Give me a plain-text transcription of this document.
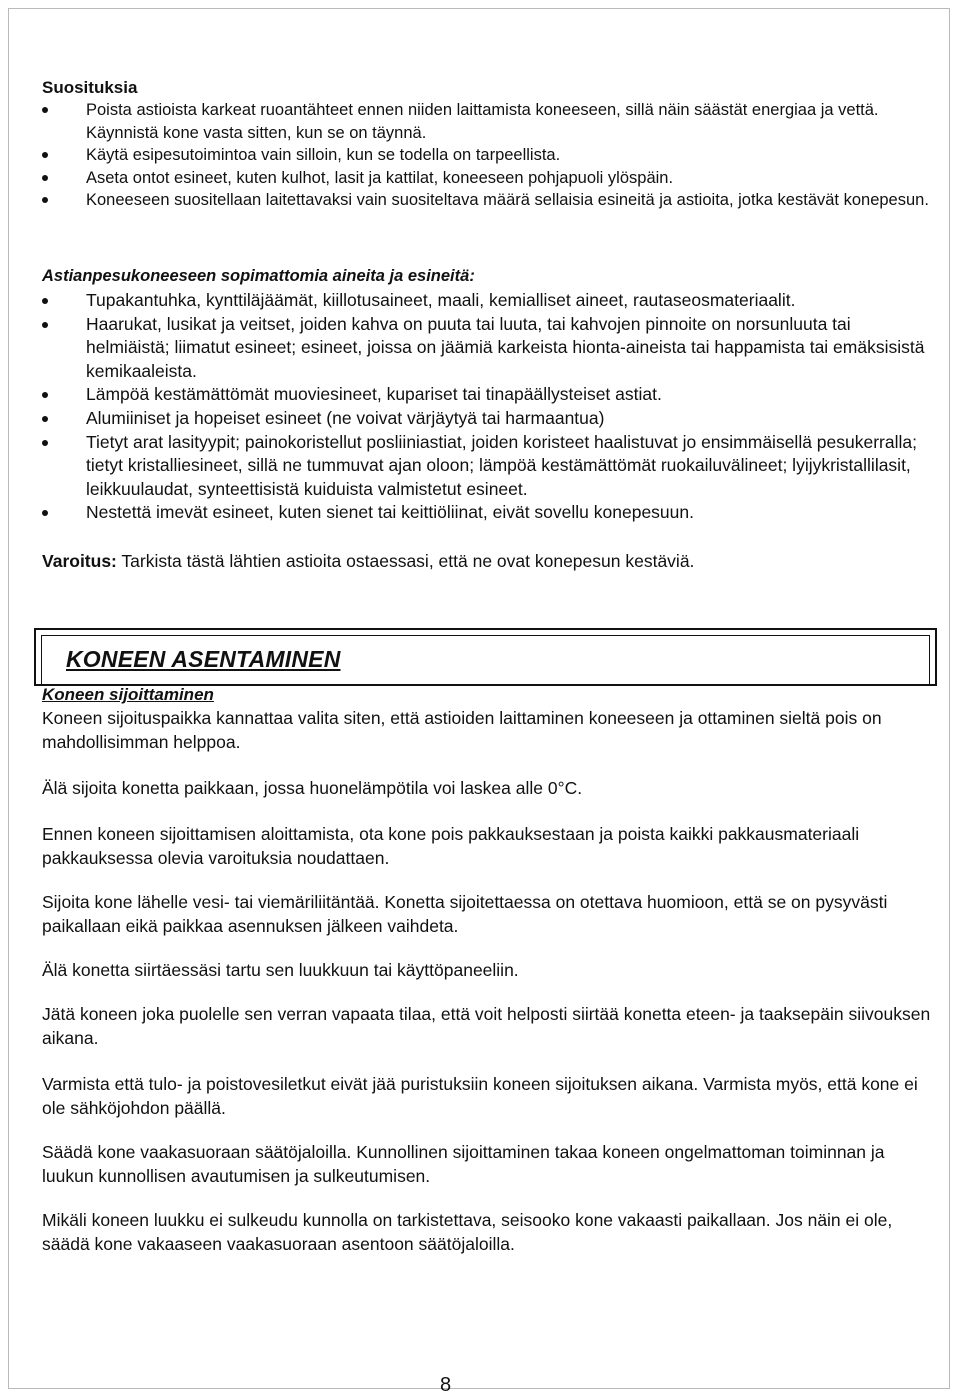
Suosituksia

Poista astioista karkeat ruoantähteet ennen niiden laittamista koneeseen, sillä näin säästät energiaa ja vettä. Käynnistä kone vasta sitten, kun se on täynnä.
Käytä esipesutoimintoa vain silloin, kun se todella on tarpeellista.
Aseta ontot esineet, kuten kulhot, lasit ja kattilat, koneeseen pohjapuoli ylöspäin.
Koneeseen suositellaan laitettavaksi vain suositeltava määrä sellaisia esineitä ja astioita, jotka kestävät konepesun.

Astianpesukoneeseen sopimattomia aineita ja esineitä:

Tupakantuhka, kynttiläjäämät, kiillotusaineet, maali, kemialliset aineet, rautaseosmateriaalit.
Haarukat, lusikat ja veitset, joiden kahva on puuta tai luuta, tai kahvojen pinnoite on norsunluuta tai helmiäistä; liimatut esineet; esineet, joissa on jäämiä karkeista hionta-aineista tai happamista tai emäksisistä kemikaaleista.
Lämpöä kestämättömät muoviesineet, kupariset tai tinapäällysteiset astiat.
Alumiiniset ja hopeiset esineet (ne voivat värjäytyä tai harmaantua)
Tietyt arat lasityypit; painokoristellut posliiniastiat, joiden koristeet haalistuvat jo ensimmäisellä pesukerralla; tietyt kristalliesineet, sillä ne tummuvat ajan oloon; lämpöä kestämättömät ruokailuvälineet; lyijykristallilasit, leikkuulaudat, synteettisistä kuiduista valmistetut esineet.
Nestettä imevät esineet, kuten sienet tai keittiöliinat, eivät sovellu konepesuun.

Varoitus: Tarkista tästä lähtien astioita ostaessasi, että ne ovat konepesun kestäviä.

Koneen sijoittaminen

Koneen sijoituspaikka kannattaa valita siten, että astioiden laittaminen koneeseen ja ottaminen sieltä pois on mahdollisimman helppoa.

Älä sijoita konetta paikkaan, jossa huonelämpötila voi laskea alle 0°C.

Ennen koneen sijoittamisen aloittamista, ota kone pois pakkauksestaan ja poista kaikki pakkausmateriaali pakkauksessa olevia varoituksia noudattaen.

Sijoita kone lähelle vesi- tai viemäriliitäntää. Konetta sijoitettaessa on otettava huomioon, että se on pysyvästi paikallaan eikä paikkaa asennuksen jälkeen vaihdeta.

Älä konetta siirtäessäsi tartu sen luukkuun tai käyttöpaneeliin.

Jätä koneen joka puolelle sen verran vapaata tilaa, että voit helposti siirtää konetta eteen- ja taaksepäin siivouksen aikana.

Varmista että tulo- ja poistovesiletkut eivät jää puristuksiin koneen sijoituksen aikana. Varmista myös, että kone ei ole sähköjohdon päällä.

Säädä kone vaakasuoraan säätöjaloilla. Kunnollinen sijoittaminen takaa koneen ongelmattoman toiminnan ja luukun kunnollisen avautumisen ja sulkeutumisen.

Mikäli koneen luukku ei sulkeudu kunnolla on tarkistettava, seisooko kone vakaasti paikallaan. Jos näin ei ole, säädä kone vakaaseen vaakasuoraan asentoon säätöjaloilla.

KONEEN ASENTAMINEN

8
